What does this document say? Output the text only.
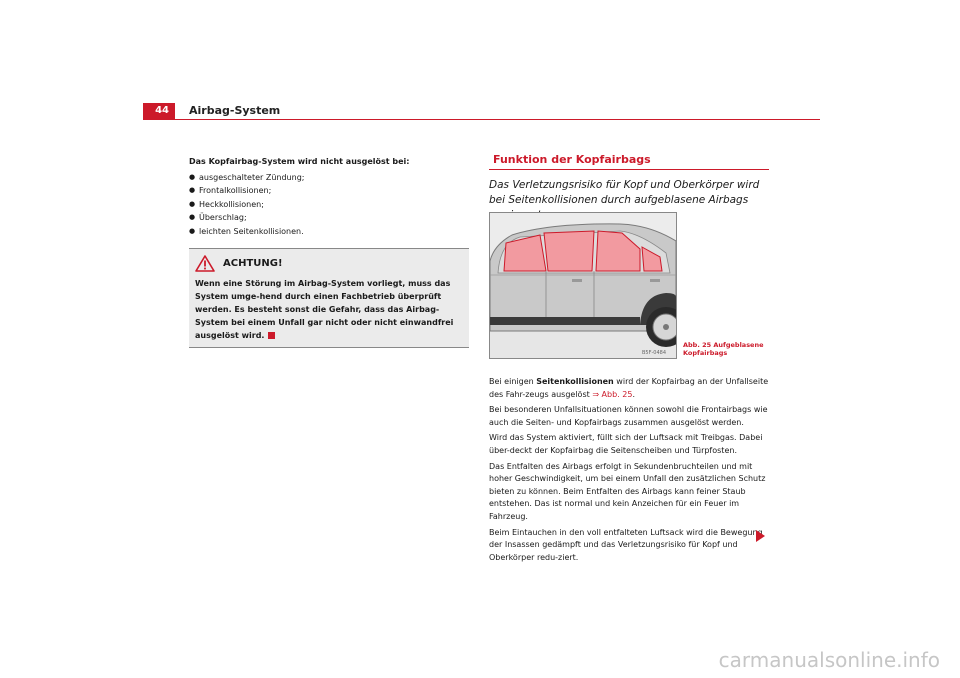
44	Airbag-System
Das Kopfairbag-System wird nicht ausgelöst bei:
● ausgeschalteter Zündung;
● Frontalkollisionen;
● Heckkollisionen;
● Überschlag;
● leichten Seitenkollisionen.
ACHTUNG!
Wenn eine Störung im Airbag-System vorliegt, muss das System umge-hend durch einen Fachbetrieb überprüft werden. Es besteht sonst die Gefahr, dass das Airbag-System bei einem Unfall gar nicht oder nicht einwandfrei ausgelöst wird.
Funktion der Kopfairbags
Das Verletzungsrisiko für Kopf und Oberkörper wird bei Seitenkollisionen durch aufgeblasene Airbags
B5F-0484
Abb. 25 Aufgeblasene Kopfairbags

Bei einigen Seitenkollisionen wird der Kopfairbag an der Unfallseite des Fahr-zeugs ausgelöst ⇒ Abb. 25.

Bei besonderen Unfallsituationen können sowohl die Frontairbags wie auch die Seiten- und Kopfairbags zusammen ausgelöst werden.

Wird das System aktiviert, füllt sich der Luftsack mit Treibgas. Dabei über-deckt der Kopfairbag die Seitenscheiben und Türpfosten.

Das Entfalten des Airbags erfolgt in Sekundenbruchteilen und mit hoher Geschwindigkeit, um bei einem Unfall den zusätzlichen Schutz bieten zu können. Beim Entfalten des Airbags kann feiner Staub entstehen. Das ist normal und kein Anzeichen für ein Feuer im Fahrzeug.

Beim Eintauchen in den voll entfalteten Luftsack wird die Bewegung der Insassen gedämpft und das Verletzungsrisiko für Kopf und Oberkörper redu-ziert.

carmanualsonline.info
